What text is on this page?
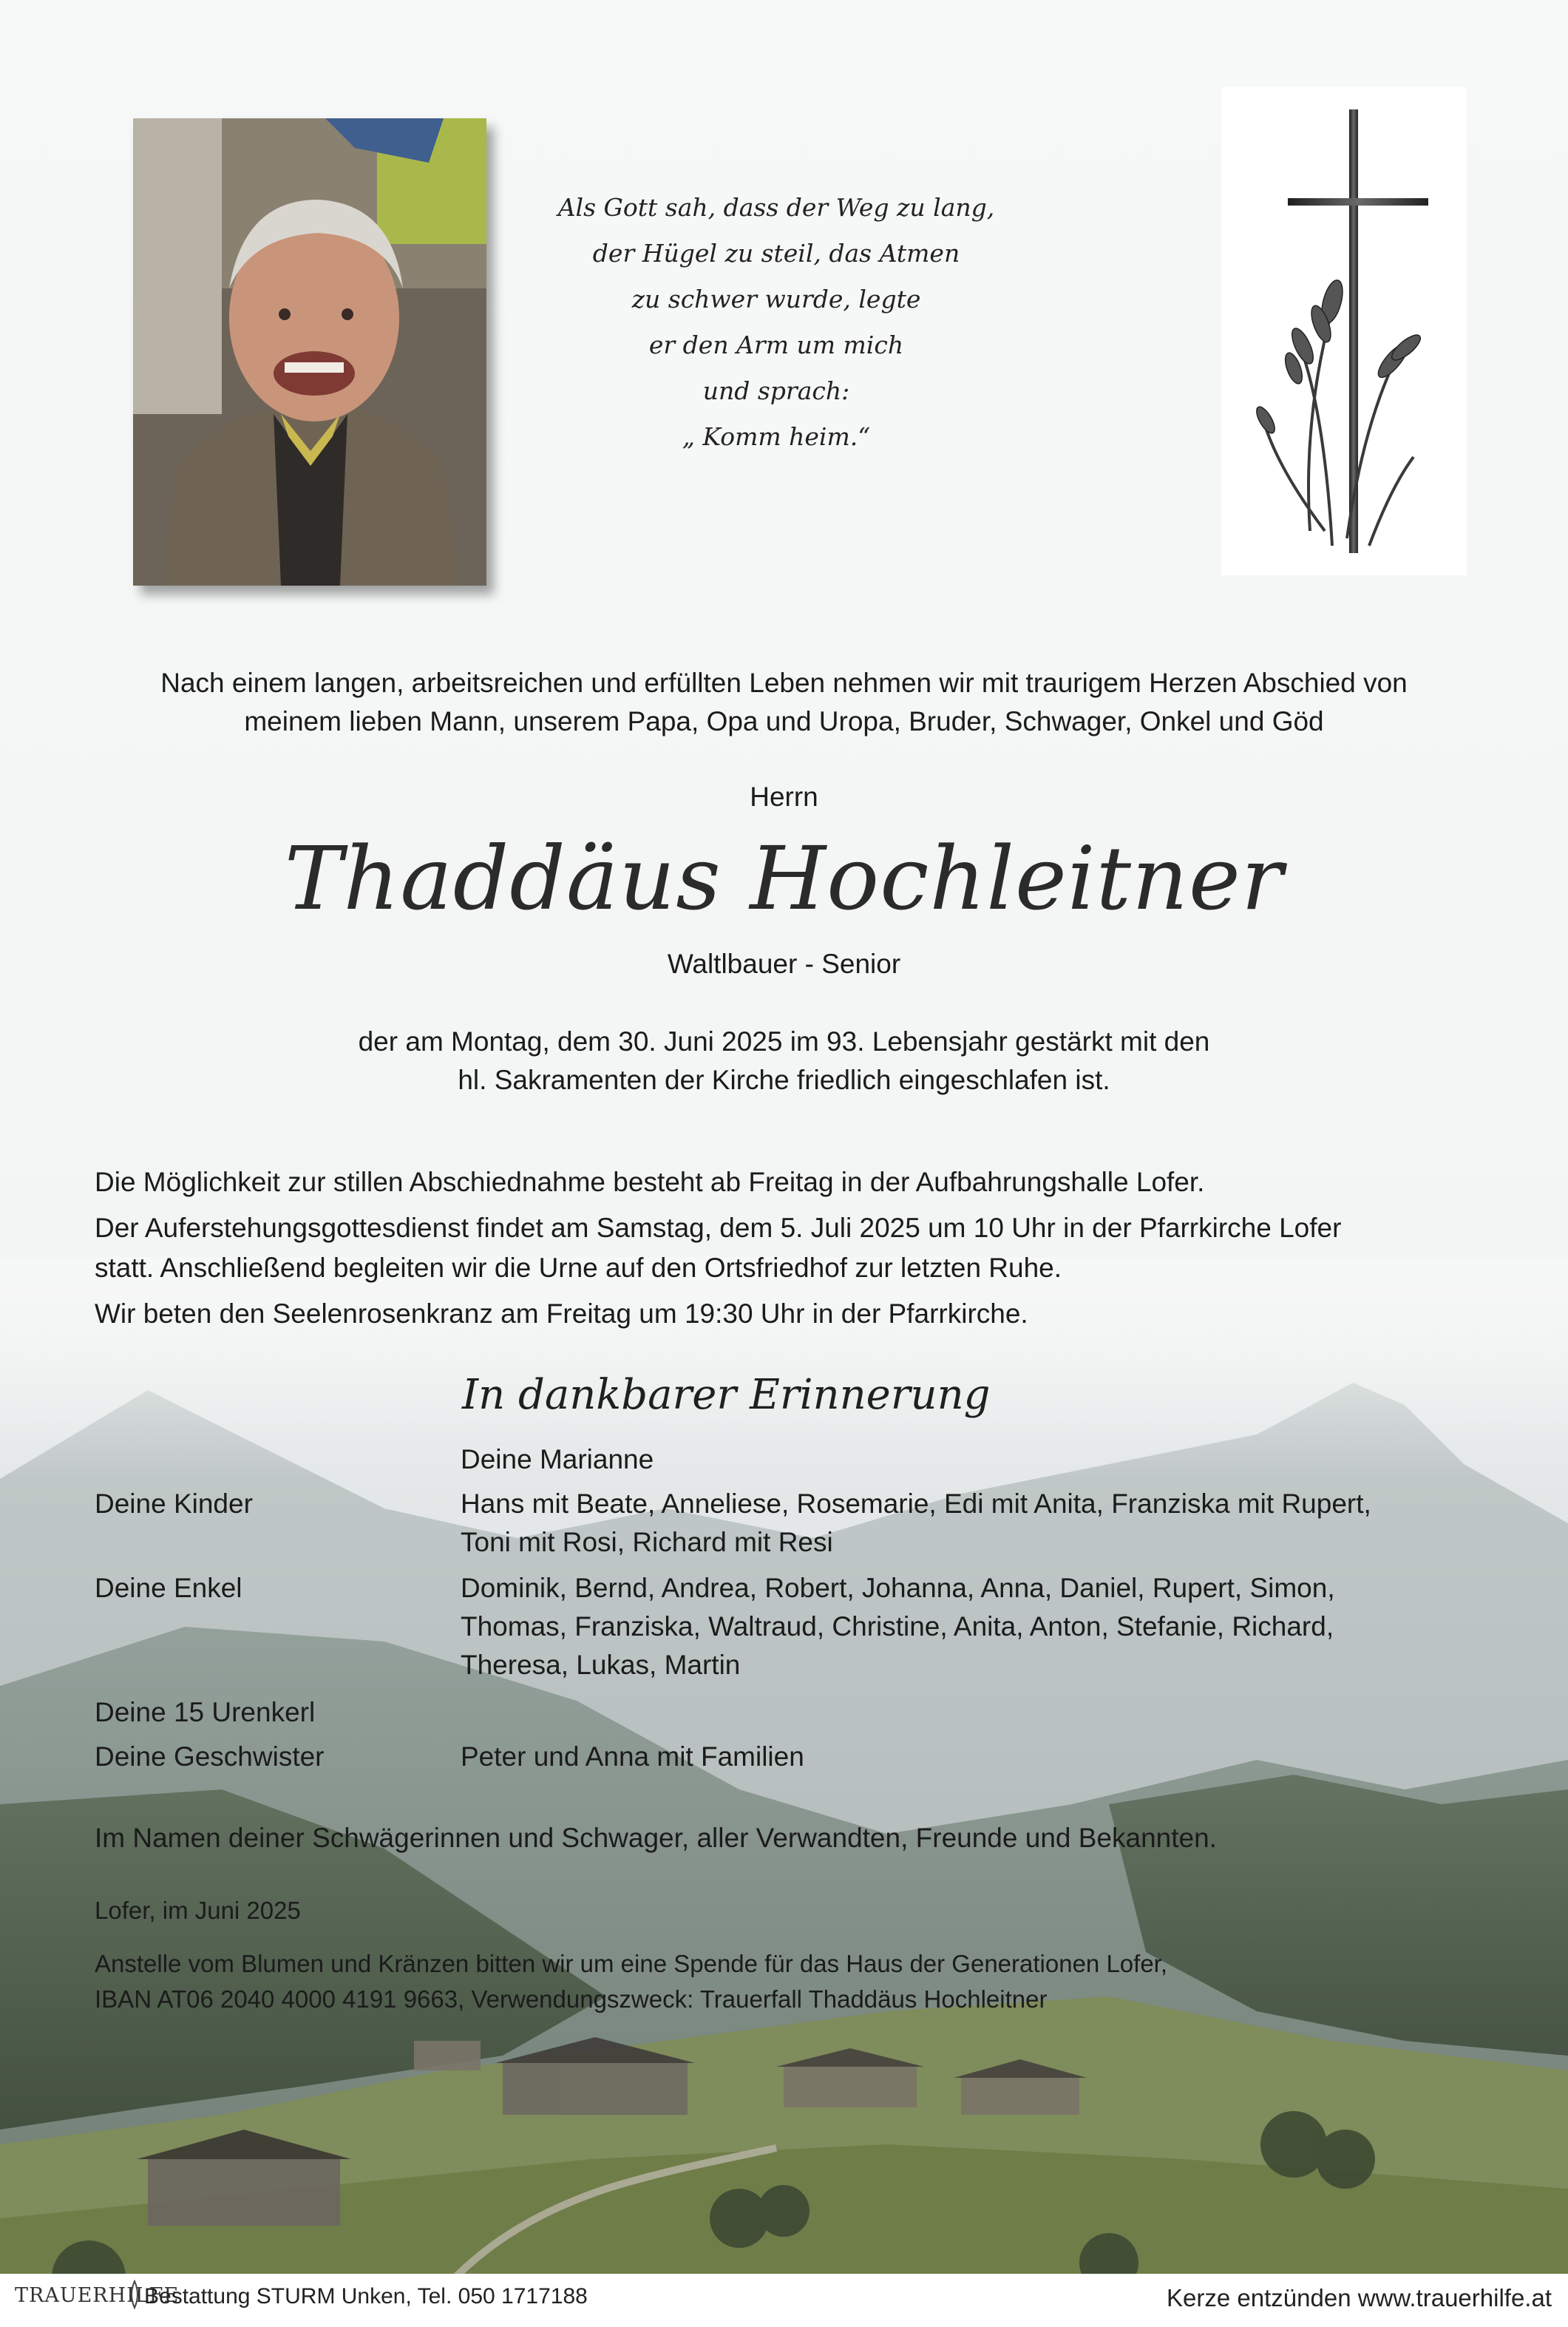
Als Gott sah, dass der Weg zu lang,
der Hügel zu steil, das Atmen
zu schwer wurde, legte
er den Arm um mich
und sprach:
„ Komm heim.“
Nach einem langen, arbeitsreichen und erfüllten Leben nehmen wir mit traurigem Herzen Abschied von
meinem lieben Mann, unserem Papa, Opa und Uropa, Bruder, Schwager, Onkel und Göd
Herrn
Thaddäus Hochleitner
Waltlbauer - Senior
der am Montag, dem 30. Juni 2025 im 93. Lebensjahr gestärkt mit den
hl. Sakramenten der Kirche friedlich eingeschlafen ist.
Die Möglichkeit zur stillen Abschiednahme besteht ab Freitag in der Aufbahrungshalle Lofer.
Der Auferstehungsgottesdienst findet am Samstag, dem 5. Juli 2025 um 10 Uhr in der Pfarrkirche Lofer
statt. Anschließend begleiten wir die Urne auf den Ortsfriedhof zur letzten Ruhe.
Wir beten den Seelenrosenkranz am Freitag um 19:30 Uhr in der Pfarrkirche.
In dankbarer Erinnerung
Deine Marianne
Deine Kinder	Hans mit Beate, Anneliese, Rosemarie, Edi mit Anita, Franziska mit Rupert,
Toni mit Rosi, Richard mit Resi
Deine Enkel	Dominik, Bernd, Andrea, Robert, Johanna, Anna, Daniel, Rupert, Simon,
Thomas, Franziska, Waltraud, Christine, Anita, Anton, Stefanie, Richard,
Theresa, Lukas, Martin
Deine 15 Urenkerl
Deine Geschwister	Peter und Anna mit Familien
Im Namen deiner Schwägerinnen und Schwager, aller Verwandten, Freunde und Bekannten.
Lofer, im Juni 2025
Anstelle vom Blumen und Kränzen bitten wir um eine Spende für das Haus der Generationen Lofer,
IBAN AT06 2040 4000 4191 9663, Verwendungszweck: Trauerfall Thaddäus Hochleitner
TRAUERHILFE
Bestattung STURM Unken, Tel. 050 1717188	Kerze entzünden www.trauerhilfe.at
